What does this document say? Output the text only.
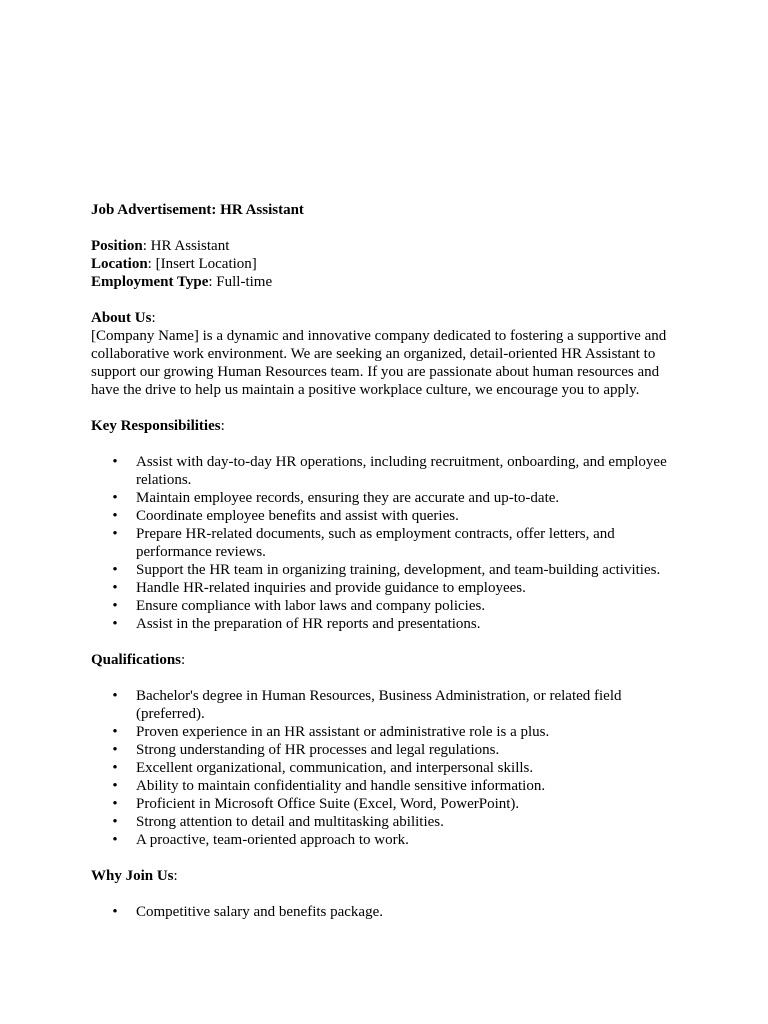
Job Advertisement: HR Assistant

Position: HR Assistant

Location: [Insert Location]

Employment Type: Full-time

About Us:

[Company Name] is a dynamic and innovative company dedicated to fostering a supportive and collaborative work environment. We are seeking an organized, detail-oriented HR Assistant to support our growing Human Resources team. If you are passionate about human resources and have the drive to help us maintain a positive workplace culture, we encourage you to apply.

Key Responsibilities:

• Assist with day-to-day HR operations, including recruitment, onboarding, and employee relations.
• Maintain employee records, ensuring they are accurate and up-to-date.
• Coordinate employee benefits and assist with queries.
• Prepare HR-related documents, such as employment contracts, offer letters, and performance reviews.
• Support the HR team in organizing training, development, and team-building activities.
• Handle HR-related inquiries and provide guidance to employees.
• Ensure compliance with labor laws and company policies.
• Assist in the preparation of HR reports and presentations.

Qualifications:

• Bachelor's degree in Human Resources, Business Administration, or related field (preferred).
• Proven experience in an HR assistant or administrative role is a plus.
• Strong understanding of HR processes and legal regulations.
• Excellent organizational, communication, and interpersonal skills.
• Ability to maintain confidentiality and handle sensitive information.
• Proficient in Microsoft Office Suite (Excel, Word, PowerPoint).
• Strong attention to detail and multitasking abilities.
• A proactive, team-oriented approach to work.

Why Join Us:

• Competitive salary and benefits package.
